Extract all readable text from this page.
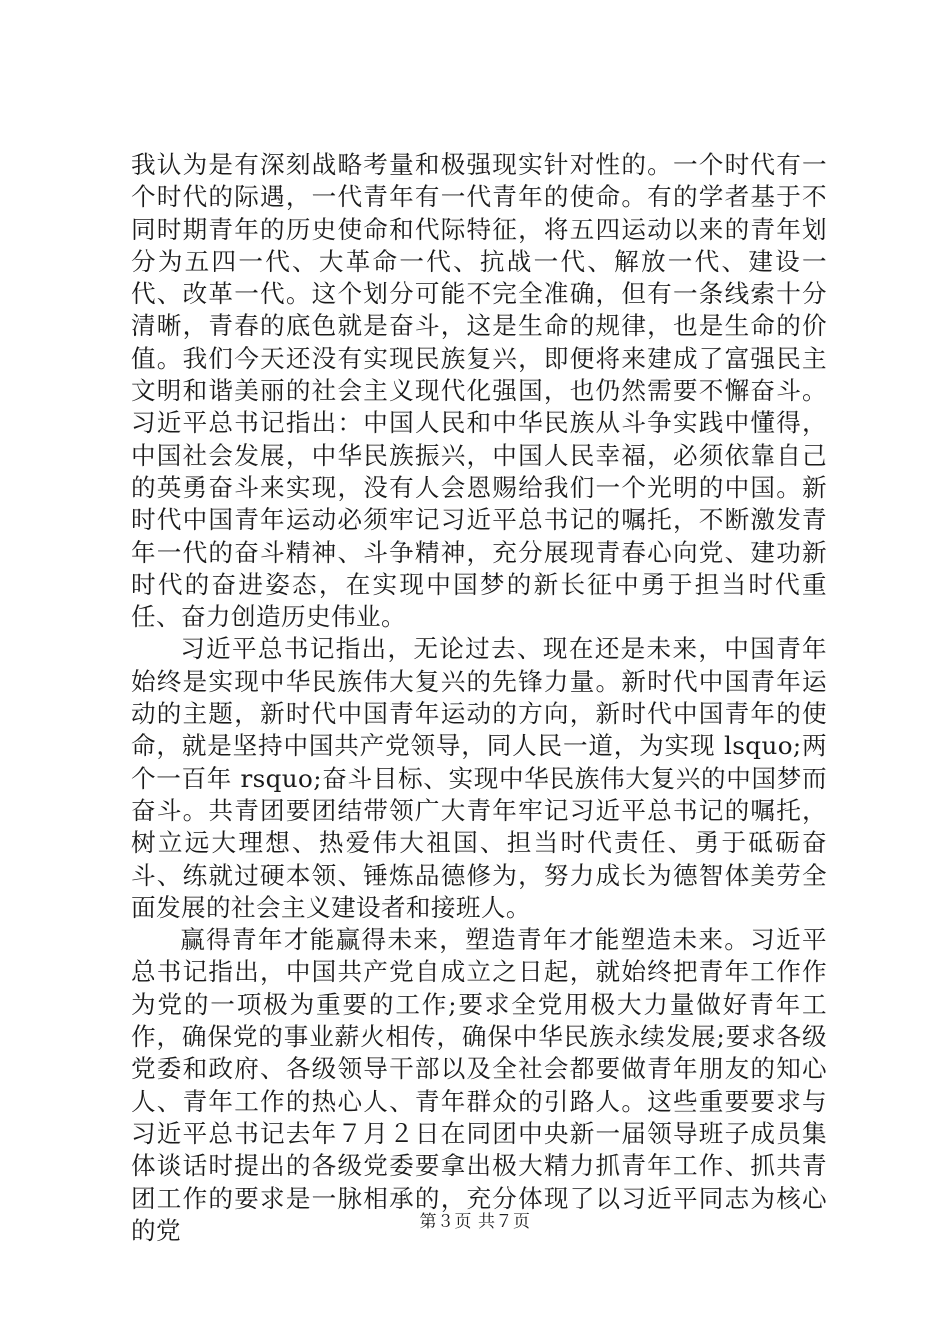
我认为是有深刻战略考量和极强现实针对性的。一个时代有一个时代的际遇，一代青年有一代青年的使命。有的学者基于不同时期青年的历史使命和代际特征，将五四运动以来的青年划分为五四一代、大革命一代、抗战一代、解放一代、建设一代、改革一代。这个划分可能不完全准确，但有一条线索十分清晰，青春的底色就是奋斗，这是生命的规律，也是生命的价值。我们今天还没有实现民族复兴，即便将来建成了富强民主文明和谐美丽的社会主义现代化强国，也仍然需要不懈奋斗。习近平总书记指出：中国人民和中华民族从斗争实践中懂得，中国社会发展，中华民族振兴，中国人民幸福，必须依靠自己的英勇奋斗来实现，没有人会恩赐给我们一个光明的中国。新时代中国青年运动必须牢记习近平总书记的嘱托，不断激发青年一代的奋斗精神、斗争精神，充分展现青春心向党、建功新时代的奋进姿态，在实现中国梦的新长征中勇于担当时代重任、奋力创造历史伟业。

习近平总书记指出，无论过去、现在还是未来，中国青年始终是实现中华民族伟大复兴的先锋力量。新时代中国青年运动的主题，新时代中国青年运动的方向，新时代中国青年的使命，就是坚持中国共产党领导，同人民一道，为实现 lsquo;两个一百年 rsquo;奋斗目标、实现中华民族伟大复兴的中国梦而奋斗。共青团要团结带领广大青年牢记习近平总书记的嘱托，树立远大理想、热爱伟大祖国、担当时代责任、勇于砥砺奋斗、练就过硬本领、锤炼品德修为，努力成长为德智体美劳全面发展的社会主义建设者和接班人。

赢得青年才能赢得未来，塑造青年才能塑造未来。习近平总书记指出，中国共产党自成立之日起，就始终把青年工作作为党的一项极为重要的工作;要求全党用极大力量做好青年工作，确保党的事业薪火相传，确保中华民族永续发展;要求各级党委和政府、各级领导干部以及全社会都要做青年朋友的知心人、青年工作的热心人、青年群众的引路人。这些重要要求与习近平总书记去年７月２日在同团中央新一届领导班子成员集体谈话时提出的各级党委要拿出极大精力抓青年工作、抓共青团工作的要求是一脉相承的，充分体现了以习近平同志为核心的党	第３页 共７页
